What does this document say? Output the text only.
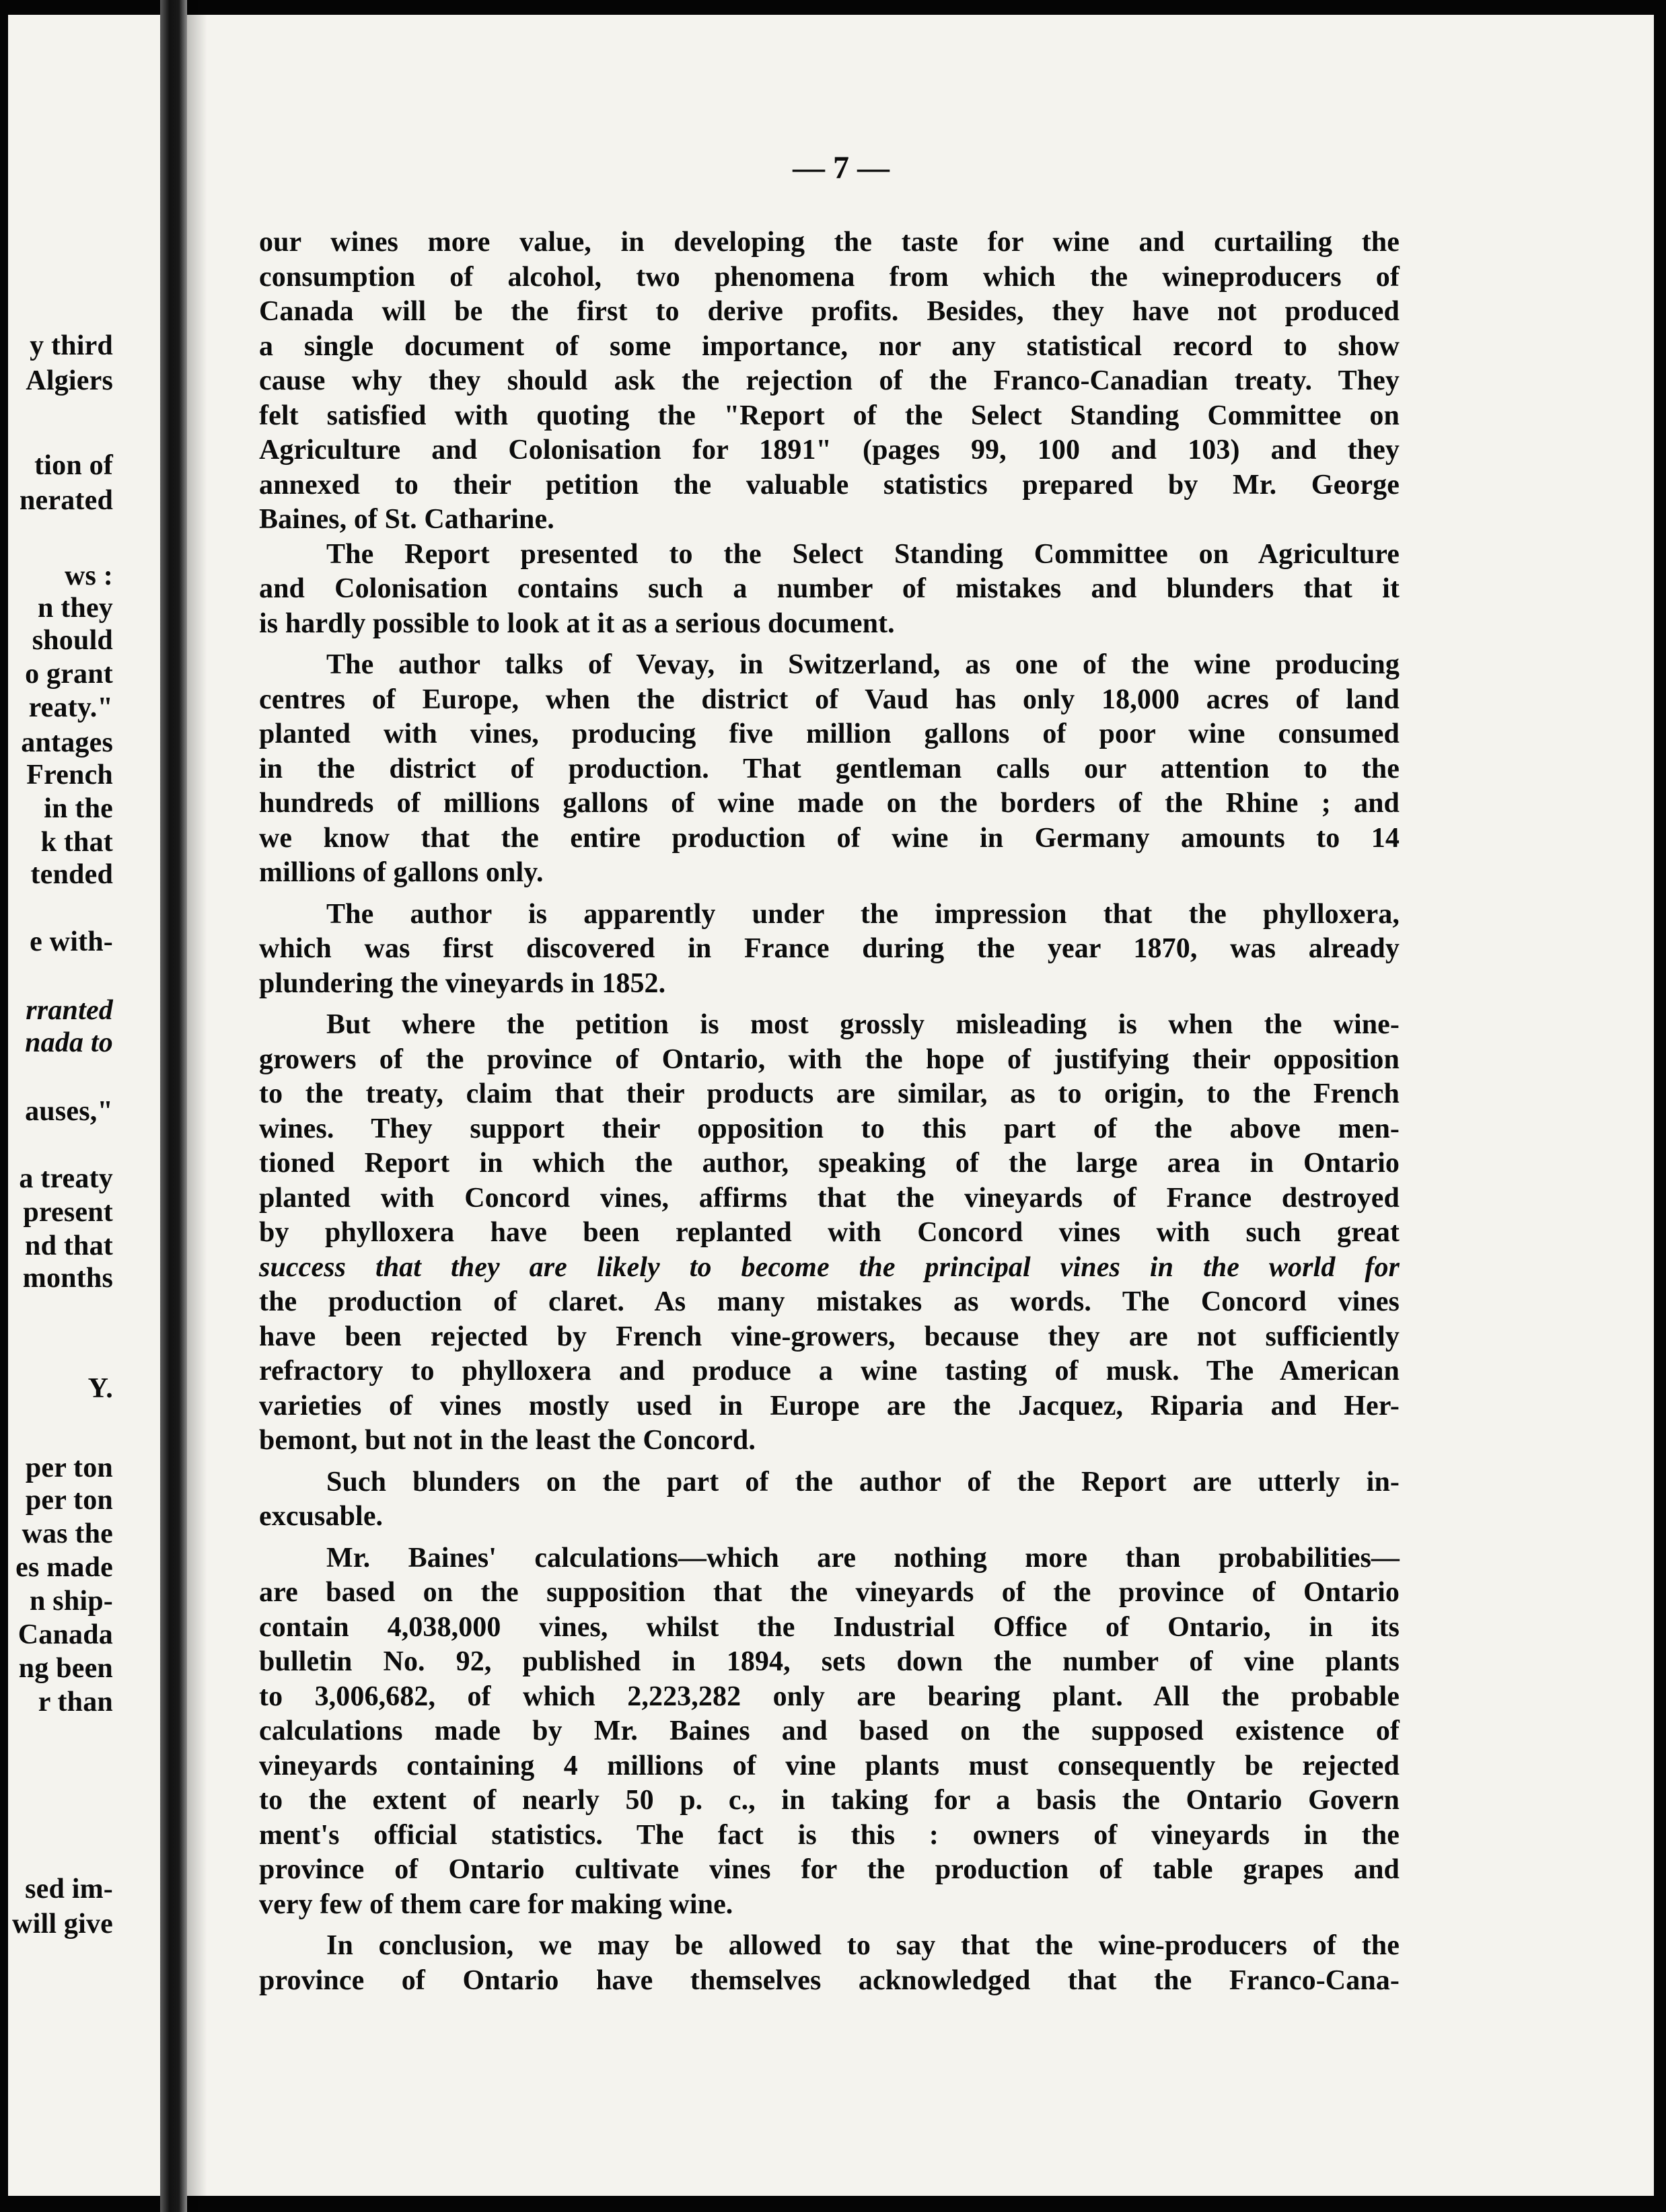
y third
Algiers
tion of
nerated
ws :
n they
should
o grant
reaty."
antages
French
in the
k that
tended
e with-
rranted
nada to
auses,"
a treaty
present
nd that
months
Y.
per ton
per ton
was the
es made
n ship-
Canada
ng been
r than
sed im-
will give
— 7 —
our wines more value, in developing the taste for wine and curtailing the
consumption of alcohol, two phenomena from which the wineproducers of
Canada will be the first to derive profits. Besides, they have not produced
a single document of some importance, nor any statistical record to show
cause why they should ask the rejection of the Franco-Canadian treaty. They
felt satisfied with quoting the "Report of the Select Standing Committee on
Agriculture and Colonisation for 1891" (pages 99, 100 and 103) and they
annexed to their petition the valuable statistics prepared by Mr. George
Baines, of St. Catharine.
The Report presented to the Select Standing Committee on Agriculture
and Colonisation contains such a number of mistakes and blunders that it
is hardly possible to look at it as a serious document.
The author talks of Vevay, in Switzerland, as one of the wine producing
centres of Europe, when the district of Vaud has only 18,000 acres of land
planted with vines, producing five million gallons of poor wine consumed
in the district of production. That gentleman calls our attention to the
hundreds of millions gallons of wine made on the borders of the Rhine ; and
we know that the entire production of wine in Germany amounts to 14
millions of gallons only.
The author is apparently under the impression that the phylloxera,
which was first discovered in France during the year 1870, was already
plundering the vineyards in 1852.
But where the petition is most grossly misleading is when the wine-
growers of the province of Ontario, with the hope of justifying their opposition
to the treaty, claim that their products are similar, as to origin, to the French
wines. They support their opposition to this part of the above men-
tioned Report in which the author, speaking of the large area in Ontario
planted with Concord vines, affirms that the vineyards of France destroyed
by phylloxera have been replanted with Concord vines with such great
success that they are likely to become the principal vines in the world for
the production of claret. As many mistakes as words. The Concord vines
have been rejected by French vine-growers, because they are not sufficiently
refractory to phylloxera and produce a wine tasting of musk. The American
varieties of vines mostly used in Europe are the Jacquez, Riparia and Her-
bemont, but not in the least the Concord.
Such blunders on the part of the author of the Report are utterly in-
excusable.
Mr. Baines' calculations—which are nothing more than probabilities—
are based on the supposition that the vineyards of the province of Ontario
contain 4,038,000 vines, whilst the Industrial Office of Ontario, in its
bulletin No. 92, published in 1894, sets down the number of vine plants
to 3,006,682, of which 2,223,282 only are bearing plant. All the probable
calculations made by Mr. Baines and based on the supposed existence of
vineyards containing 4 millions of vine plants must consequently be rejected
to the extent of nearly 50 p. c., in taking for a basis the Ontario Govern
ment's official statistics. The fact is this : owners of vineyards in the
province of Ontario cultivate vines for the production of table grapes and
very few of them care for making wine.
In conclusion, we may be allowed to say that the wine-producers of the
province of Ontario have themselves acknowledged that the Franco-Cana-
